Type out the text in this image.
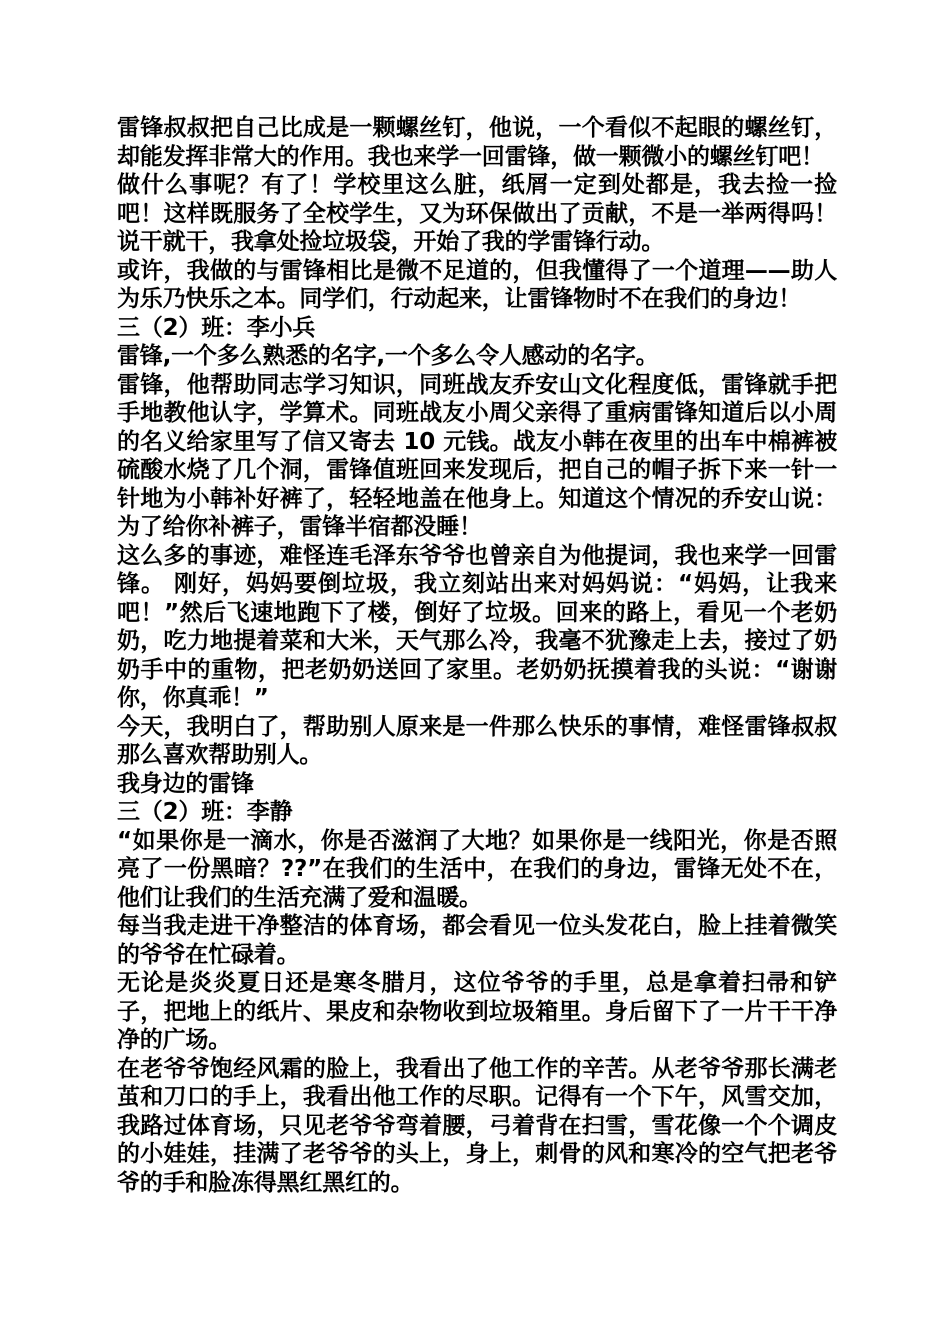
雷锋叔叔把自己比成是一颗螺丝钉，他说，一个看似不起眼的螺丝钉，却能发挥非常大的作用。我也来学一回雷锋，做一颗微小的螺丝钉吧！

做什么事呢？有了！学校里这么脏，纸屑一定到处都是，我去捡一捡吧！这样既服务了全校学生，又为环保做出了贡献，不是一举两得吗！说干就干，我拿处捡垃圾袋，开始了我的学雷锋行动。

或许，我做的与雷锋相比是微不足道的，但我懂得了一个道理——助人为乐乃快乐之本。同学们，行动起来，让雷锋物时不在我们的身边！

三（2）班：李小兵

雷锋,一个多么熟悉的名字,一个多么令人感动的名字。

雷锋，他帮助同志学习知识，同班战友乔安山文化程度低，雷锋就手把手地教他认字，学算术。同班战友小周父亲得了重病雷锋知道后以小周的名义给家里写了信又寄去 10 元钱。战友小韩在夜里的出车中棉裤被硫酸水烧了几个洞，雷锋值班回来发现后，把自己的帽子拆下来一针一针地为小韩补好裤了，轻轻地盖在他身上。知道这个情况的乔安山说：为了给你补裤子，雷锋半宿都没睡！

这么多的事迹，难怪连毛泽东爷爷也曾亲自为他提词，我也来学一回雷锋。 刚好，妈妈要倒垃圾，我立刻站出来对妈妈说：“妈妈，让我来吧！”然后飞速地跑下了楼，倒好了垃圾。回来的路上，看见一个老奶奶，吃力地提着菜和大米，天气那么冷，我毫不犹豫走上去，接过了奶奶手中的重物，把老奶奶送回了家里。老奶奶抚摸着我的头说：“谢谢你，你真乖！”

今天，我明白了，帮助别人原来是一件那么快乐的事情，难怪雷锋叔叔那么喜欢帮助别人。

我身边的雷锋

三（2）班：李静

“如果你是一滴水，你是否滋润了大地？如果你是一线阳光，你是否照亮了一份黑暗？??”在我们的生活中，在我们的身边，雷锋无处不在，他们让我们的生活充满了爱和温暖。

每当我走进干净整洁的体育场，都会看见一位头发花白，脸上挂着微笑的爷爷在忙碌着。

无论是炎炎夏日还是寒冬腊月，这位爷爷的手里，总是拿着扫帚和铲子，把地上的纸片、果皮和杂物收到垃圾箱里。身后留下了一片干干净净的广场。

在老爷爷饱经风霜的脸上，我看出了他工作的辛苦。从老爷爷那长满老茧和刀口的手上，我看出他工作的尽职。记得有一个下午，风雪交加，我路过体育场，只见老爷爷弯着腰，弓着背在扫雪，雪花像一个个调皮的小娃娃，挂满了老爷爷的头上，身上，刺骨的风和寒冷的空气把老爷爷的手和脸冻得黑红黑红的。
